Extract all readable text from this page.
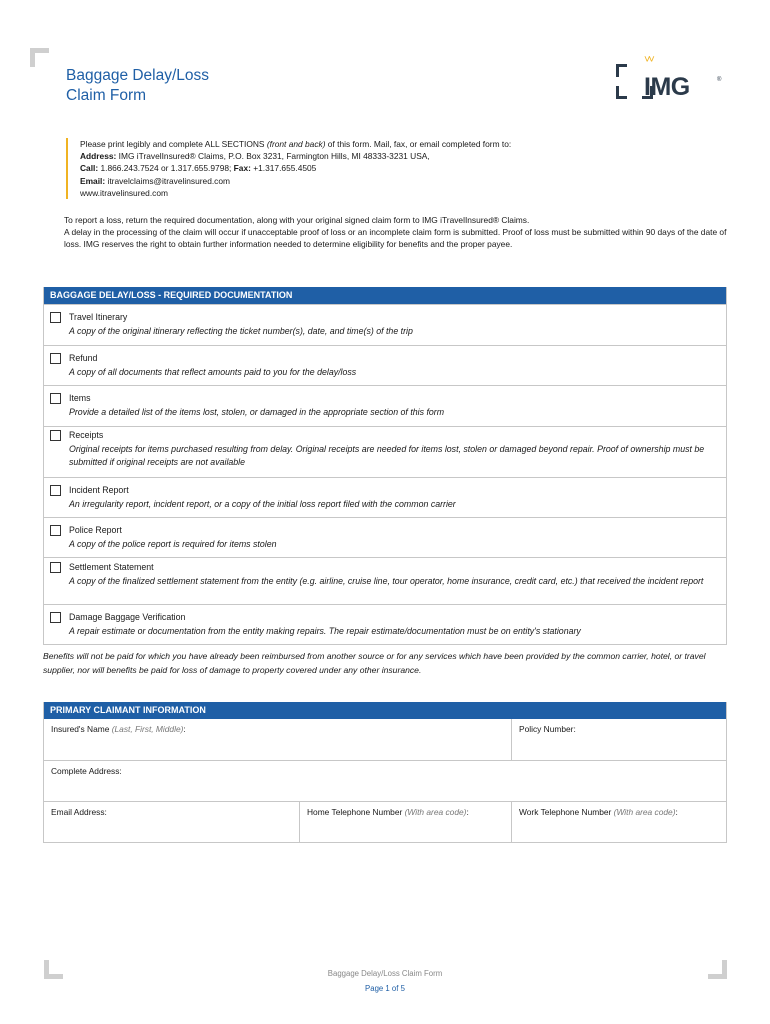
Baggage Delay/Loss
Claim Form
˅˅
IMG	®
Please print legibly and complete ALL SECTIONS (front and back) of this form. Mail, fax, or email completed form to:
Address: IMG iTravelInsured® Claims, P.O. Box 3231, Farmington Hills, MI 48333-3231 USA,
Call: 1.866.243.7524 or 1.317.655.9798; Fax: +1.317.655.4505
Email: itravelclaims@itravelinsured.com
www.itravelinsured.com
To report a loss, return the required documentation, along with your original signed claim form to IMG iTravelInsured® Claims.
A delay in the processing of the claim will occur if unacceptable proof of loss or an incomplete claim form is submitted. Proof of loss must be submitted within 90 days of the date of loss. IMG reserves the right to obtain further information needed to determine eligibility for benefits and the proper payee.
BAGGAGE DELAY/LOSS - REQUIRED DOCUMENTATION
Travel Itinerary
A copy of the original itinerary reflecting the ticket number(s), date, and time(s) of the trip
Refund
A copy of all documents that reflect amounts paid to you for the delay/loss
Items
Provide a detailed list of the items lost, stolen, or damaged in the appropriate section of this form
Receipts
Original receipts for items purchased resulting from delay. Original receipts are needed for items lost, stolen or damaged beyond repair. Proof of ownership must be submitted if original receipts are not available
Incident Report
An irregularity report, incident report, or a copy of the initial loss report filed with the common carrier
Police Report
A copy of the police report is required for items stolen
Settlement Statement
A copy of the finalized settlement statement from the entity (e.g. airline, cruise line, tour operator, home insurance, credit card, etc.) that received the incident report
Damage Baggage Verification
A repair estimate or documentation from the entity making repairs. The repair estimate/documentation must be on entity's stationary
Benefits will not be paid for which you have already been reimbursed from another source or for any services which have been provided by the common carrier, hotel, or travel supplier, nor will benefits be paid for loss of damage to property covered under any other insurance.
PRIMARY CLAIMANT INFORMATION
Insured's Name (Last, First, Middle):	Policy Number:
Complete Address:
Email Address:	Home Telephone Number (With area code):	Work Telephone Number (With area code):
Baggage Delay/Loss Claim Form
Page 1 of 5
